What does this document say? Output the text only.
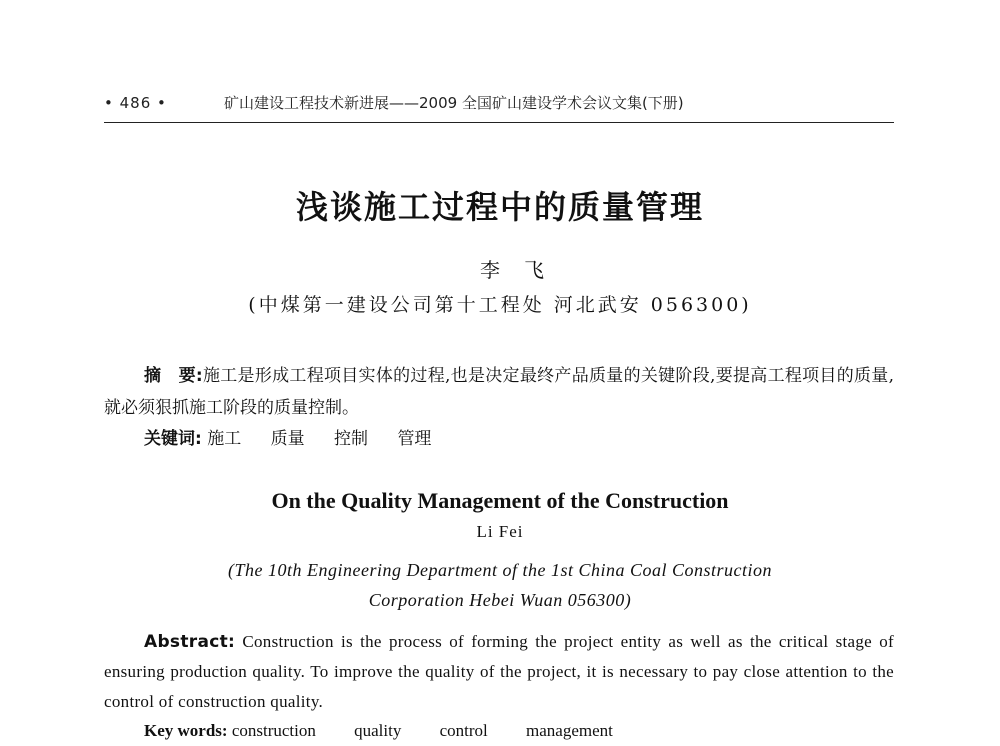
• 486 •	矿山建设工程技术新进展——2009 全国矿山建设学术会议文集(下册)
浅谈施工过程中的质量管理
李飞
(中煤第一建设公司第十工程处 河北武安 056300)
摘　要:施工是形成工程项目实体的过程,也是决定最终产品质量的关键阶段,要提高工程项目的质量,就必须狠抓施工阶段的质量控制。
关键词: 施工 质量 控制 管理
On the Quality Management of the Construction
Li Fei
(The 10th Engineering Department of the 1st China Coal Construction
Corporation Hebei Wuan 056300)
Abstract: Construction is the process of forming the project entity as well as the critical stage of ensuring production quality. To improve the quality of the project, it is necessary to pay close attention to the control of construction quality.
Key words: construction quality control management
